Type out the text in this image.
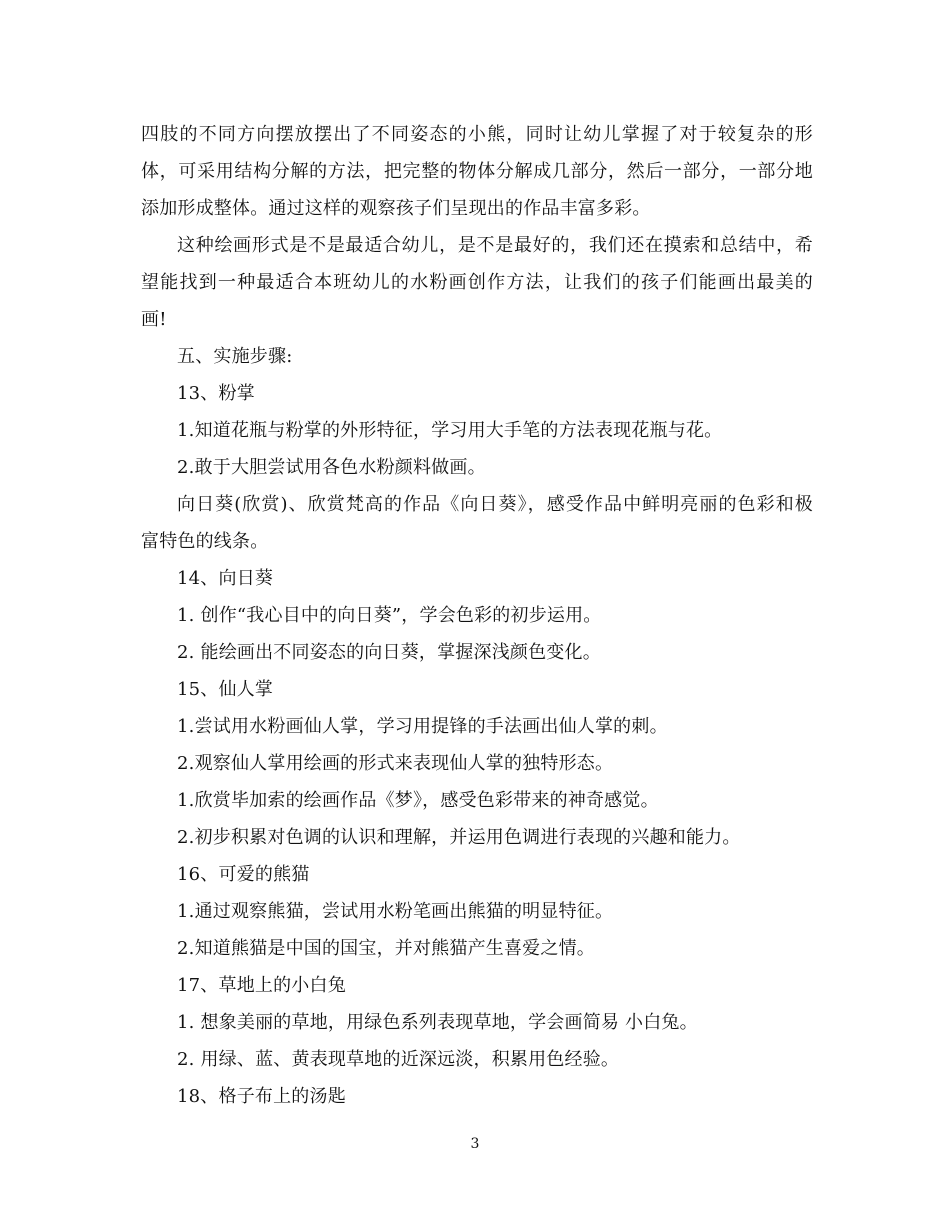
四肢的不同方向摆放摆出了不同姿态的小熊，同时让幼儿掌握了对于较复杂的形
体，可采用结构分解的方法，把完整的物体分解成几部分，然后一部分，一部分地
添加形成整体。通过这样的观察孩子们呈现出的作品丰富多彩。
这种绘画形式是不是最适合幼儿，是不是最好的，我们还在摸索和总结中，希
望能找到一种最适合本班幼儿的水粉画创作方法，让我们的孩子们能画出最美的
画!
五、实施步骤:
13、粉掌
1.知道花瓶与粉掌的外形特征，学习用大手笔的方法表现花瓶与花。
2.敢于大胆尝试用各色水粉颜料做画。
向日葵(欣赏)、欣赏梵高的作品《向日葵》，感受作品中鲜明亮丽的色彩和极
富特色的线条。
14、向日葵
1. 创作“我心目中的向日葵”，学会色彩的初步运用。
2. 能绘画出不同姿态的向日葵，掌握深浅颜色变化。
15、仙人掌
1.尝试用水粉画仙人掌，学习用提锋的手法画出仙人掌的刺。
2.观察仙人掌用绘画的形式来表现仙人掌的独特形态。
1.欣赏毕加索的绘画作品《梦》，感受色彩带来的神奇感觉。
2.初步积累对色调的认识和理解，并运用色调进行表现的兴趣和能力。
16、可爱的熊猫
1.通过观察熊猫，尝试用水粉笔画出熊猫的明显特征。
2.知道熊猫是中国的国宝，并对熊猫产生喜爱之情。
17、草地上的小白兔
1. 想象美丽的草地，用绿色系列表现草地，学会画简易 小白兔。
2. 用绿、蓝、黄表现草地的近深远淡，积累用色经验。
18、格子布上的汤匙
3
